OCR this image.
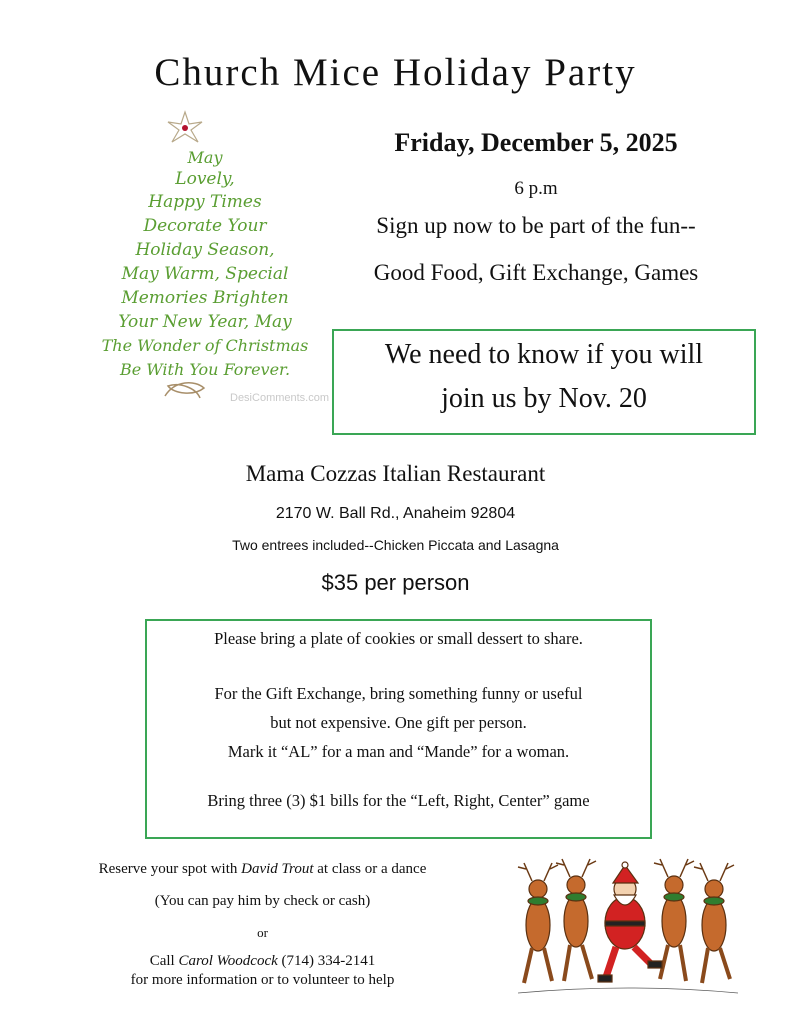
Church Mice Holiday Party
May
Lovely,
Happy Times
Decorate Your
Holiday Season,
May Warm, Special
Memories Brighten
Your New Year, May
The Wonder of Christmas
Be With You Forever.
DesiComments.com
Friday, December 5, 2025
6 p.m
Sign up now to be part of the fun--
Good Food, Gift Exchange, Games
We need to know if you will
join us by Nov. 20
Mama Cozzas Italian Restaurant
2170 W. Ball Rd., Anaheim 92804
Two entrees included--Chicken Piccata and Lasagna
$35 per person
Please bring a plate of cookies or small dessert to share.
For the Gift Exchange, bring something funny or useful
but not expensive. One gift per person.
Mark it “AL” for a man and “Mande” for a woman.
Bring three (3) $1 bills for the “Left, Right, Center” game
Reserve your spot with David Trout at class or a dance
(You can pay him by check or cash)
or
Call Carol Woodcock (714) 334-2141
for more information or to volunteer to help
